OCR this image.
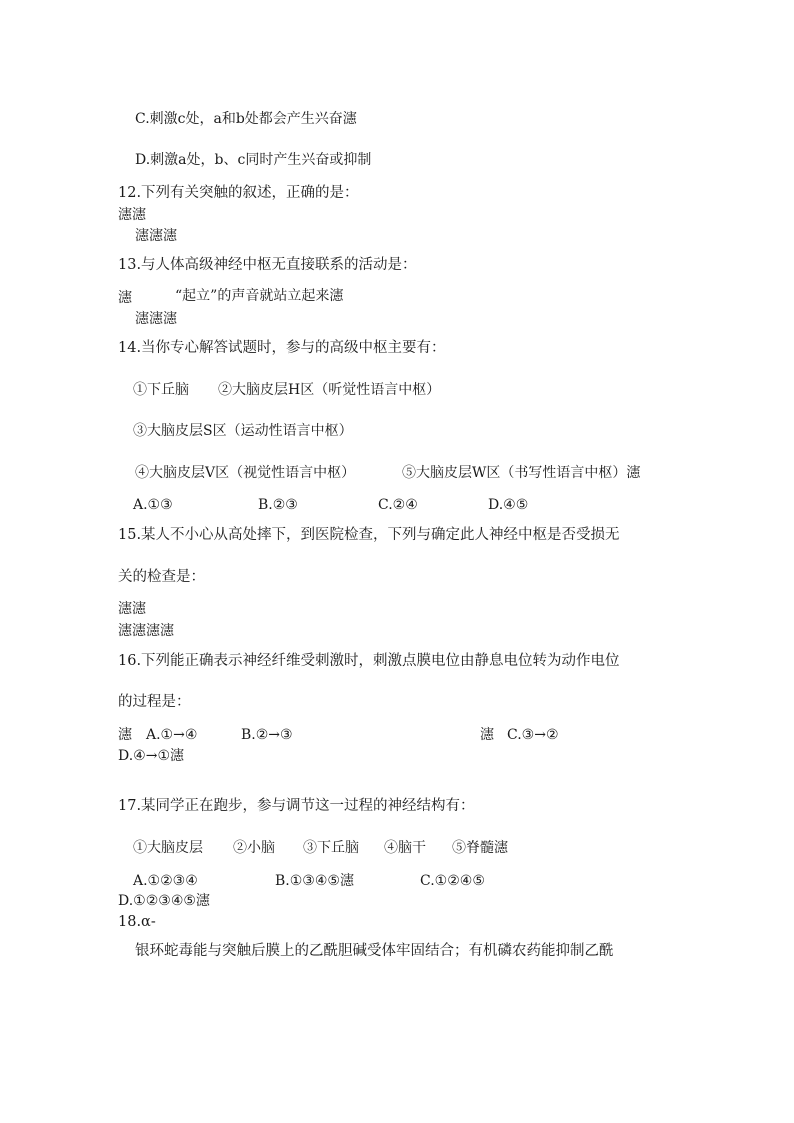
C.刺激c处，a和b处都会产生兴奋瀗
D.刺激a处，b、c同时产生兴奋或抑制
12.下列有关突触的叙述，正确的是：
瀗瀗
瀗瀗瀗
13.与人体高级神经中枢无直接联系的活动是：
瀗	“起立”的声音就站立起来瀗
瀗瀗瀗
14.当你专心解答试题时，参与的高级中枢主要有：
①下丘脑 ②大脑皮层H区（听觉性语言中枢）
③大脑皮层S区（运动性语言中枢）
④大脑皮层V区（视觉性语言中枢）	⑤大脑皮层W区（书写性语言中枢）瀗
A.①③	B.②③	C.②④	D.④⑤
15.某人不小心从高处摔下，到医院检查，下列与确定此人神经中枢是否受损无
关的检查是：
瀗瀗
瀗瀗瀗瀗
16.下列能正确表示神经纤维受刺激时，刺激点膜电位由静息电位转为动作电位
的过程是：
瀗 A.①→④	B.②→③	瀗 C.③→②
D.④→①瀗
17.某同学正在跑步，参与调节这一过程的神经结构有：
①大脑皮层 ②小脑 ③下丘脑 ④脑干 ⑤脊髓瀗
A.①②③④	B.①③④⑤瀗	C.①②④⑤
D.①②③④⑤瀗
18.α-
银环蛇毒能与突触后膜上的乙酰胆碱受体牢固结合；有机磷农药能抑制乙酰
